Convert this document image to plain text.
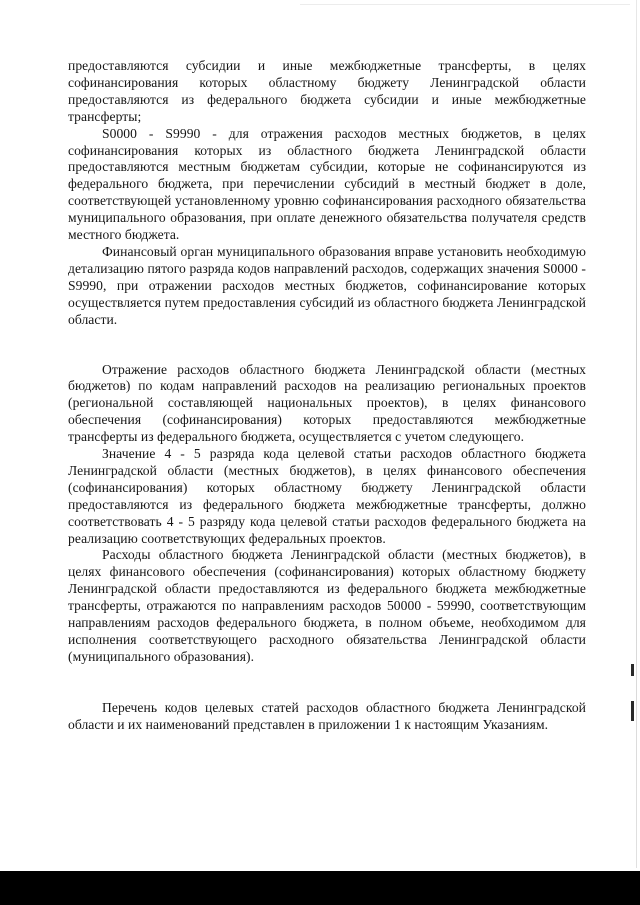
предоставляются субсидии и иные межбюджетные трансферты, в целях софинансирования которых областному бюджету Ленинградской области предоставляются из федерального бюджета субсидии и иные межбюджетные трансферты;

S0000 - S9990 - для отражения расходов местных бюджетов, в целях софинансирования которых из областного бюджета Ленинградской области предоставляются местным бюджетам субсидии, которые не софинансируются из федерального бюджета, при перечислении субсидий в местный бюджет в доле, соответствующей установленному уровню софинансирования расходного обязательства муниципального образования, при оплате денежного обязательства получателя средств местного бюджета.

Финансовый орган муниципального образования вправе установить необходимую детализацию пятого разряда кодов направлений расходов, содержащих значения S0000 - S9990, при отражении расходов местных бюджетов, софинансирование которых осуществляется путем предоставления субсидий из областного бюджета Ленинградской области.

Отражение расходов областного бюджета Ленинградской области (местных бюджетов) по кодам направлений расходов на реализацию региональных проектов (региональной составляющей национальных проектов), в целях финансового обеспечения (софинансирования) которых предоставляются межбюджетные трансферты из федерального бюджета, осуществляется с учетом следующего.

Значение 4 - 5 разряда кода целевой статьи расходов областного бюджета Ленинградской области (местных бюджетов), в целях финансового обеспечения (софинансирования) которых областному бюджету Ленинградской области предоставляются из федерального бюджета межбюджетные трансферты, должно соответствовать 4 - 5 разряду кода целевой статьи расходов федерального бюджета на реализацию соответствующих федеральных проектов.

Расходы областного бюджета Ленинградской области (местных бюджетов), в целях финансового обеспечения (софинансирования) которых областному бюджету Ленинградской области предоставляются из федерального бюджета межбюджетные трансферты, отражаются по направлениям расходов 50000 - 59990, соответствующим направлениям расходов федерального бюджета, в полном объеме, необходимом для исполнения соответствующего расходного обязательства Ленинградской области (муниципального образования).

Перечень кодов целевых статей расходов областного бюджета Ленинградской области и их наименований представлен в приложении 1 к настоящим Указаниям.
